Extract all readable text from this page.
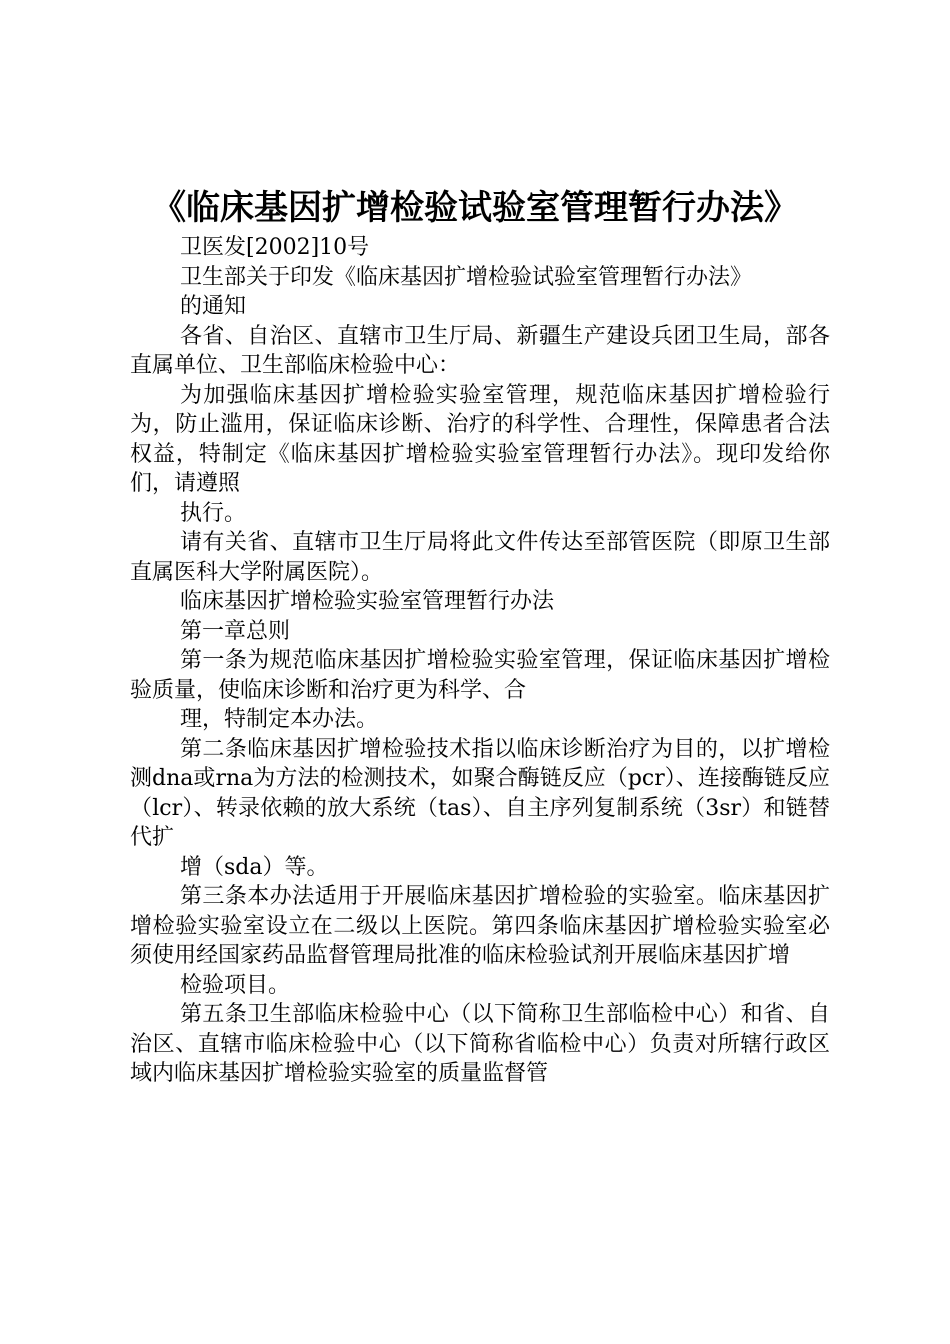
《临床基因扩增检验试验室管理暂行办法》

卫医发[2002]10号

卫生部关于印发《临床基因扩增检验试验室管理暂行办法》

的通知

各省、自治区、直辖市卫生厅局、新疆生产建设兵团卫生局，部各直属单位、卫生部临床检验中心：

为加强临床基因扩增检验实验室管理，规范临床基因扩增检验行为，防止滥用，保证临床诊断、治疗的科学性、合理性，保障患者合法权益，特制定《临床基因扩增检验实验室管理暂行办法》。现印发给你们，请遵照

执行。

请有关省、直辖市卫生厅局将此文件传达至部管医院（即原卫生部直属医科大学附属医院）。

临床基因扩增检验实验室管理暂行办法

第一章总则

第一条为规范临床基因扩增检验实验室管理，保证临床基因扩增检验质量，使临床诊断和治疗更为科学、合

理，特制定本办法。

第二条临床基因扩增检验技术指以临床诊断治疗为目的，以扩增检测dna或rna为方法的检测技术，如聚合酶链反应（pcr）、连接酶链反应（lcr）、转录依赖的放大系统（tas）、自主序列复制系统（3sr）和链替代扩

增（sda）等。

第三条本办法适用于开展临床基因扩增检验的实验室。临床基因扩增检验实验室设立在二级以上医院。第四条临床基因扩增检验实验室必须使用经国家药品监督管理局批准的临床检验试剂开展临床基因扩增

检验项目。

第五条卫生部临床检验中心（以下简称卫生部临检中心）和省、自治区、直辖市临床检验中心（以下简称省临检中心）负责对所辖行政区域内临床基因扩增检验实验室的质量监督管
